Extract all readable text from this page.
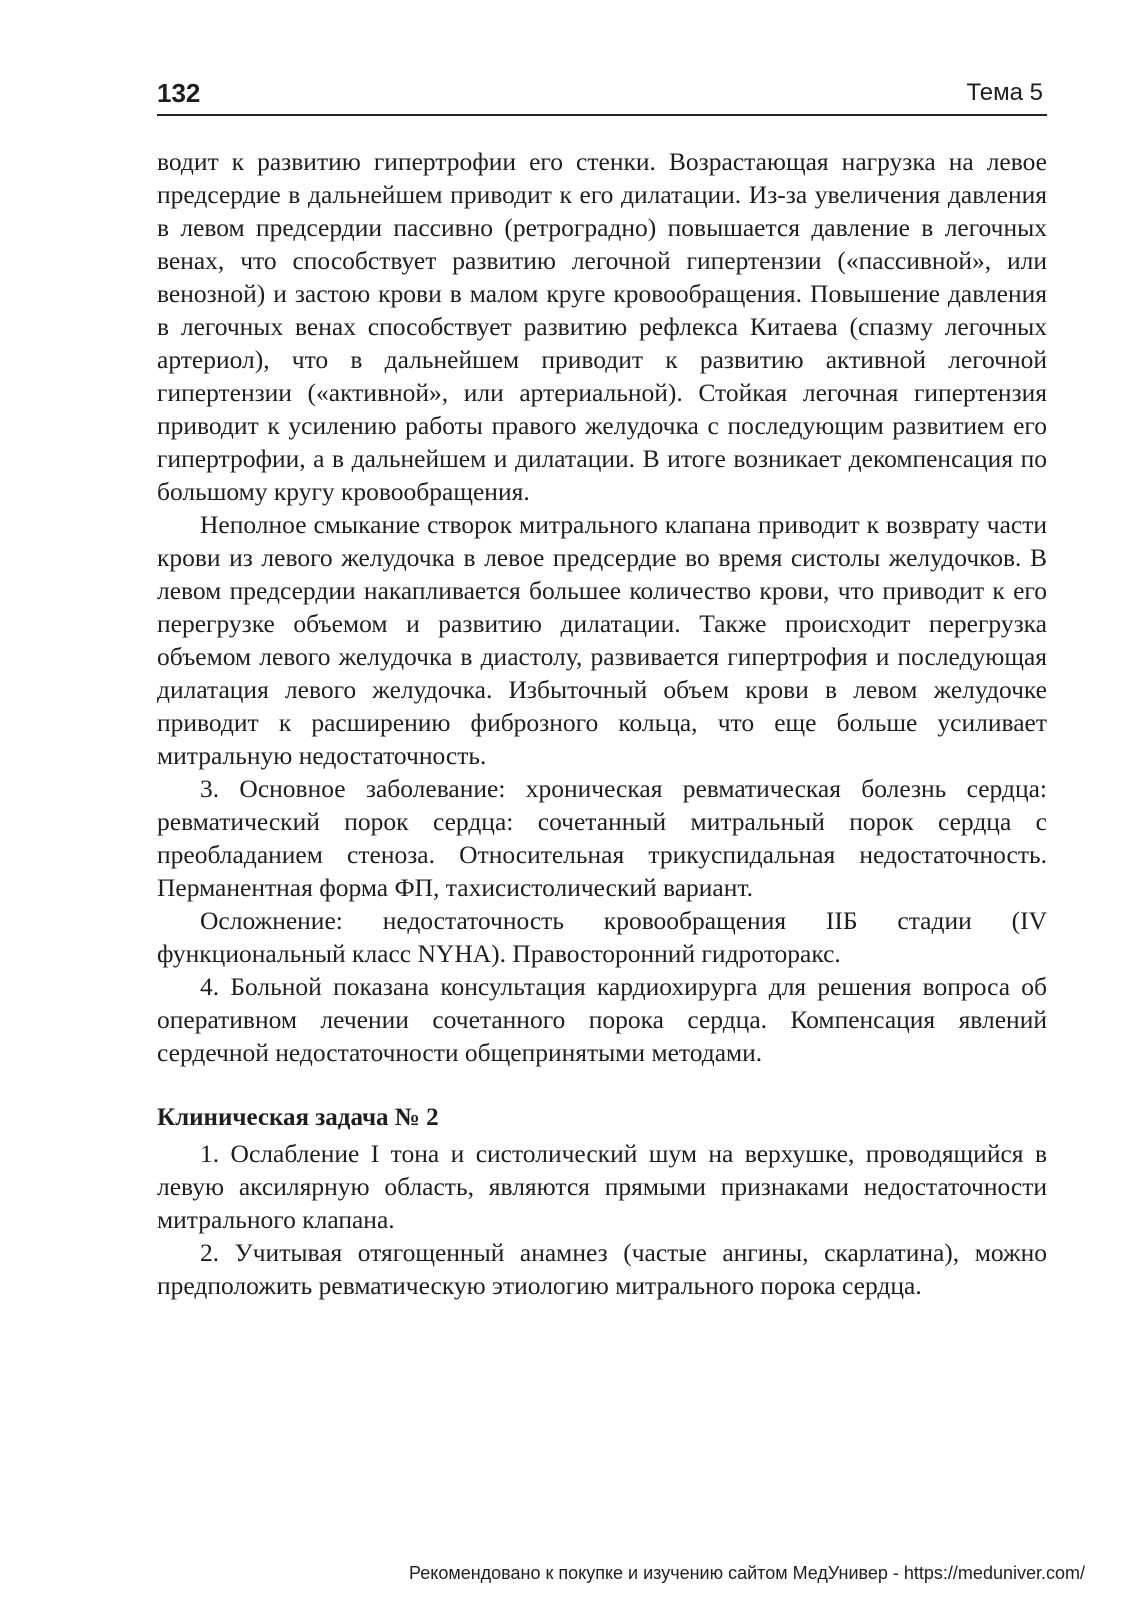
132	Тема 5

водит к развитию гипертрофии его стенки. Возрастающая нагрузка на левое предсердие в дальнейшем приводит к его дилатации. Из-за увеличения давления в левом предсердии пассивно (ретроградно) повышается давление в легочных венах, что способствует развитию легочной гипертензии («пассивной», или венозной) и застою крови в малом круге кровообращения. Повышение давления в легочных венах способствует развитию рефлекса Китаева (спазму легочных артериол), что в дальнейшем приводит к развитию активной легочной гипертензии («активной», или артериальной). Стойкая легочная гипертензия приводит к усилению работы правого желудочка с последующим развитием его гипертрофии, а в дальнейшем и дилатации. В итоге возникает декомпенсация по большому кругу кровообращения.

Неполное смыкание створок митрального клапана приводит к возврату части крови из левого желудочка в левое предсердие во время систолы желудочков. В левом предсердии накапливается большее количество крови, что приводит к его перегрузке объемом и развитию дилатации. Также происходит перегрузка объемом левого желудочка в диастолу, развивается гипертрофия и последующая дилатация левого желудочка. Избыточный объем крови в левом желудочке приводит к расширению фиброзного кольца, что еще больше усиливает митральную недостаточность.

3. Основное заболевание: хроническая ревматическая болезнь сердца: ревматический порок сердца: сочетанный митральный порок сердца с преобладанием стеноза. Относительная трикуспидальная недостаточность. Перманентная форма ФП, тахисистолический вариант.

Осложнение: недостаточность кровообращения IIБ стадии (IV функциональный класс NYHA). Правосторонний гидроторакс.

4. Больной показана консультация кардиохирурга для решения вопроса об оперативном лечении сочетанного порока сердца. Компенсация явлений сердечной недостаточности общепринятыми методами.

Клиническая задача № 2

1. Ослабление I тона и систолический шум на верхушке, проводящийся в левую аксилярную область, являются прямыми признаками недостаточности митрального клапана.

2. Учитывая отягощенный анамнез (частые ангины, скарлатина), можно предположить ревматическую этиологию митрального порока сердца.

Рекомендовано к покупке и изучению сайтом МедУнивер - https://meduniver.com/
